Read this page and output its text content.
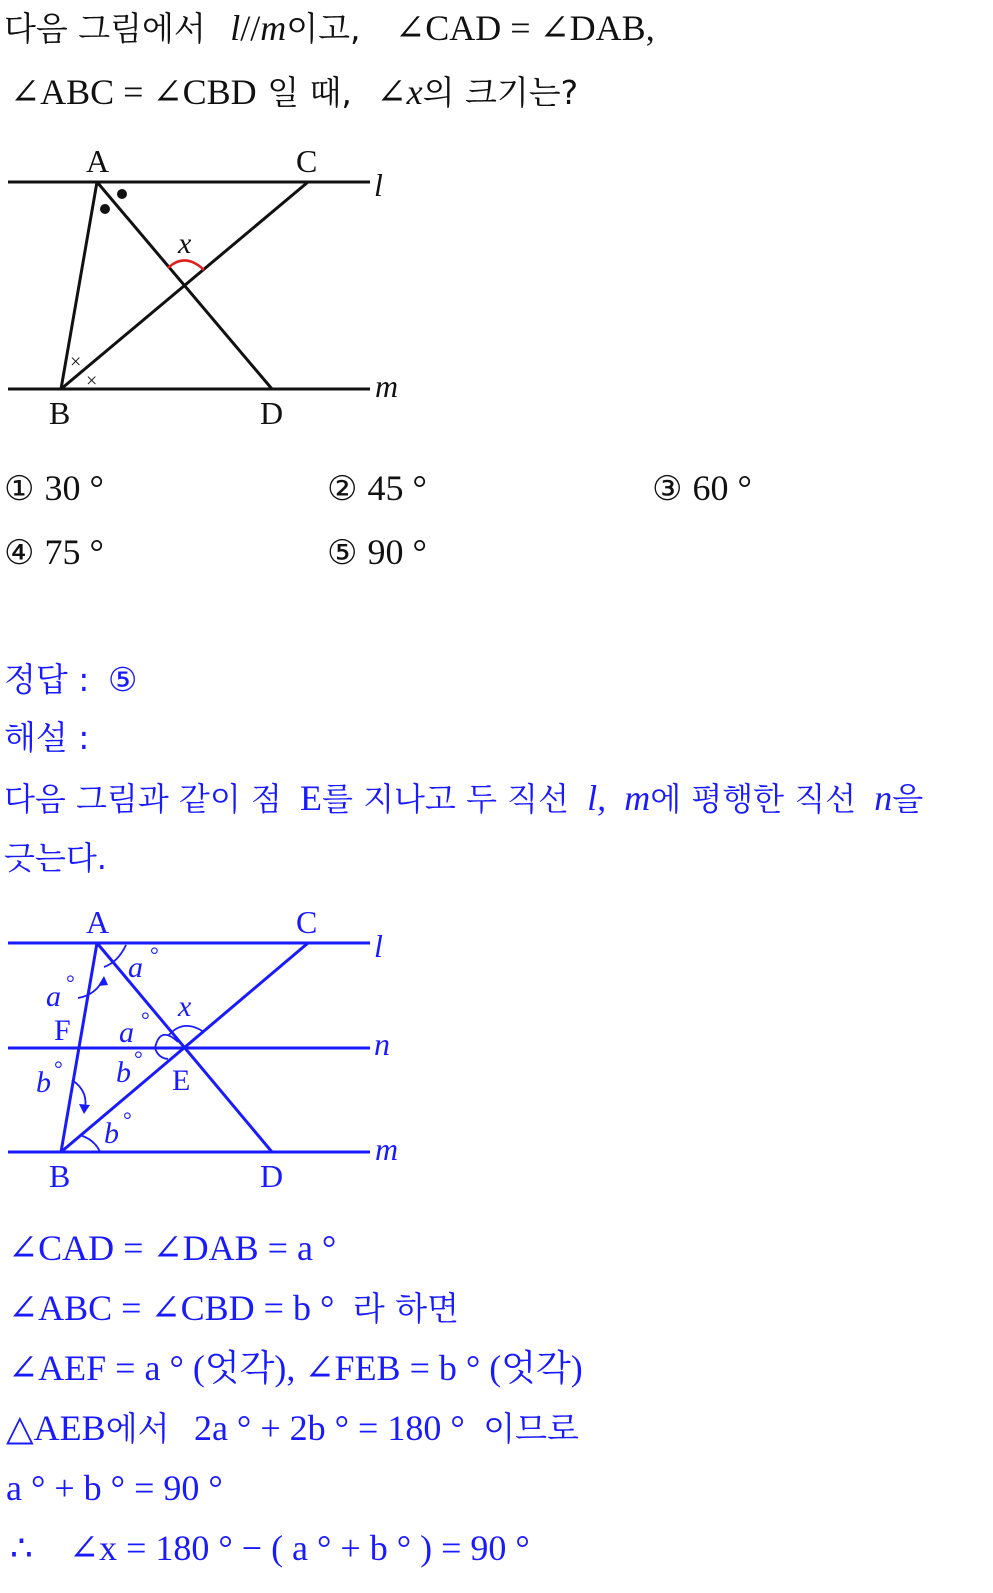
다음 그림에서 l//m이고, ∠CAD = ∠DAB,
∠ABC = ∠CBD 일 때, ∠x의 크기는?
×
×
A	C
l
x
m
B	D
① 30 °	② 45 °	③ 60 °
④ 75 °	⑤ 90 °
정답 : ⑤
해설 :
다음 그림과 같이 점 E를 지나고 두 직선 l, m에 평행한 직선 n을
긋는다.
A	C
l
n
m
B	D
F
E
x
a °
a °
a °
b °
b °
b °
∠CAD = ∠DAB = a °
∠ABC = ∠CBD = b ° 라 하면
∠AEF = a ° (엇각), ∠FEB = b ° (엇각)
△AEB에서 2a ° + 2b ° = 180 ° 이므로
a ° + b ° = 90 °
∴    ∠x = 180 ° − ( a ° + b ° ) = 90 °
